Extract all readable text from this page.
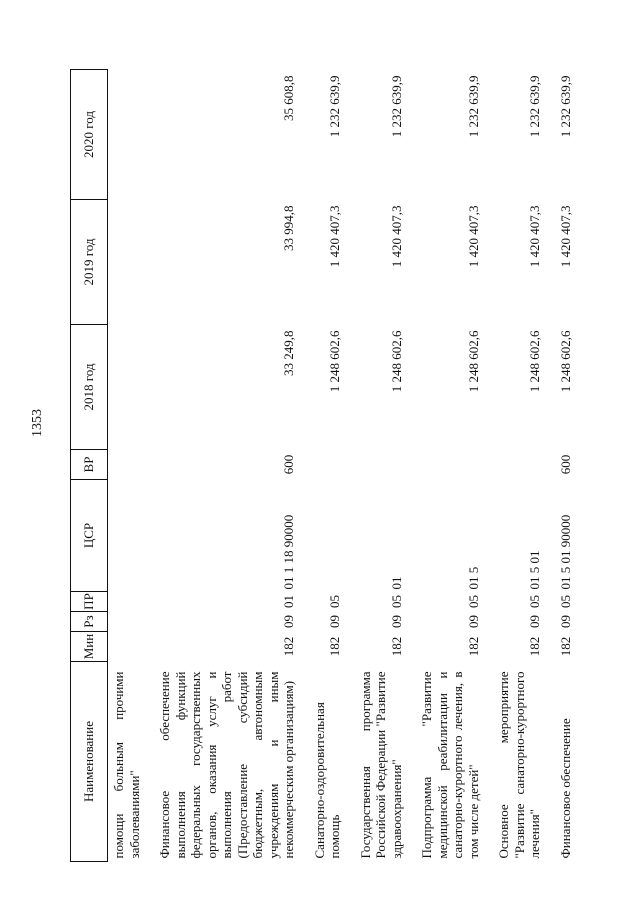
1353
Наименование	Мин	Рз	ПР	ЦСР	ВР	2018 год	2019 год	2020 год
помощи больным прочими заболеваниями"								
Финансовое обеспечение выполнения функций федеральных государственных органов, оказания услуг и выполнения работ (Предоставление субсидий бюджетным, автономным учреждениям и иным некоммерческим организациям)	182	09	01	01 1 18 90000	600	33 249,8	33 994,8	35 608,8
Санаторно-оздоровительная помощь	182	09	05			1 248 602,6	1 420 407,3	1 232 639,9
Государственная программа Российской Федерации "Развитие здравоохранения"	182	09	05	01		1 248 602,6	1 420 407,3	1 232 639,9
Подпрограмма "Развитие медицинской реабилитации и санаторно-курортного лечения, в том числе детей"	182	09	05	01 5		1 248 602,6	1 420 407,3	1 232 639,9
Основное мероприятие "Развитие санаторно-курортного лечения"	182	09	05	01 5 01		1 248 602,6	1 420 407,3	1 232 639,9
Финансовое обеспечение	182	09	05	01 5 01 90000	600	1 248 602,6	1 420 407,3	1 232 639,9
